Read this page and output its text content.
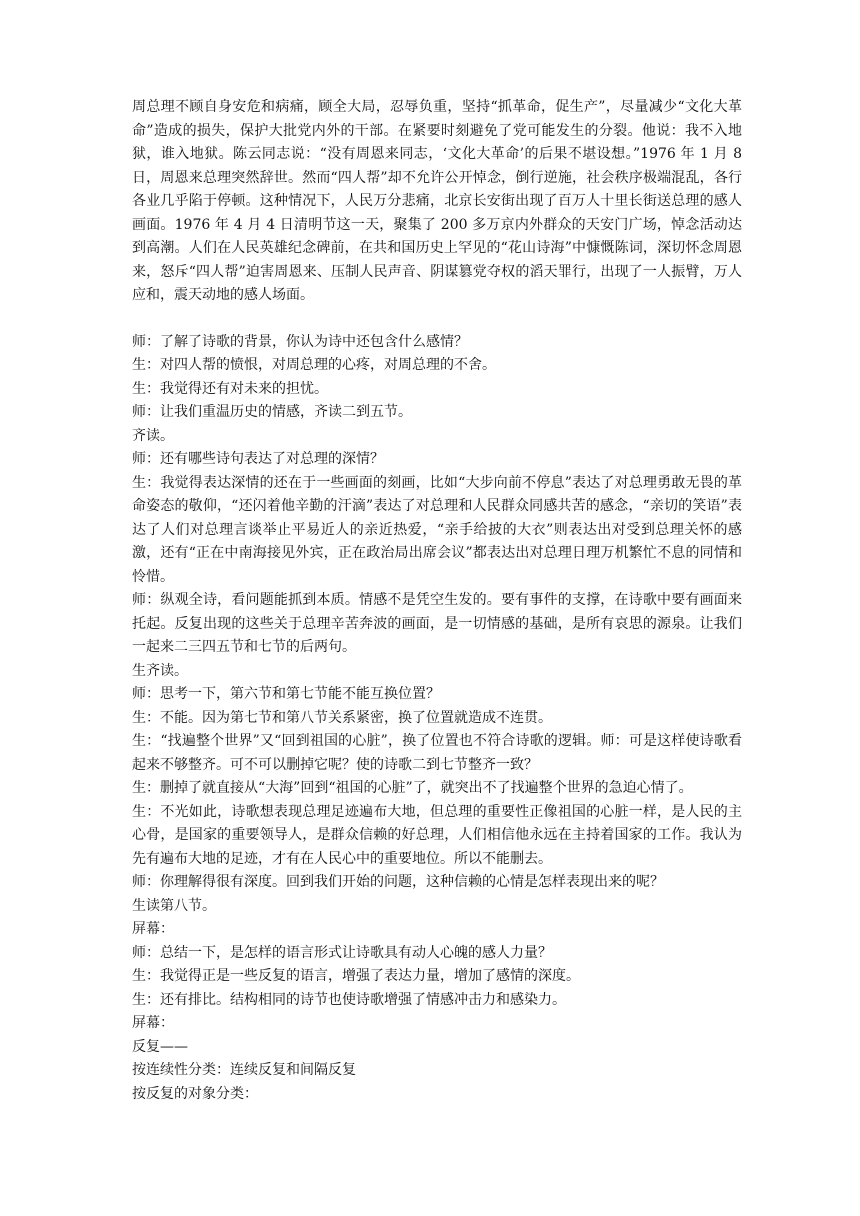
周总理不顾自身安危和病痛，顾全大局，忍辱负重，坚持“抓革命，促生产”，尽量减少“文化大革命”造成的损失，保护大批党内外的干部。在紧要时刻避免了党可能发生的分裂。他说：我不入地狱，谁入地狱。陈云同志说：“没有周恩来同志，‘文化大革命’的后果不堪设想。”1976 年 1 月 8 日，周恩来总理突然辞世。然而“四人帮”却不允许公开悼念，倒行逆施，社会秩序极端混乱，各行各业几乎陷于停顿。这种情况下，人民万分悲痛，北京长安街出现了百万人十里长街送总理的感人画面。1976 年 4 月 4 日清明节这一天，聚集了 200 多万京内外群众的天安门广场，悼念活动达到高潮。人们在人民英雄纪念碑前，在共和国历史上罕见的“花山诗海”中慷慨陈词，深切怀念周恩来，怒斥“四人帮”迫害周恩来、压制人民声音、阴谋篡党夺权的滔天罪行，出现了一人振臂，万人应和，震天动地的感人场面。

师：了解了诗歌的背景，你认为诗中还包含什么感情？

生：对四人帮的愤恨，对周总理的心疼，对周总理的不舍。

生：我觉得还有对未来的担忧。

师：让我们重温历史的情感，齐读二到五节。

齐读。

师：还有哪些诗句表达了对总理的深情？

生：我觉得表达深情的还在于一些画面的刻画，比如“大步向前不停息”表达了对总理勇敢无畏的革命姿态的敬仰，“还闪着他辛勤的汗滴”表达了对总理和人民群众同感共苦的感念，“亲切的笑语”表达了人们对总理言谈举止平易近人的亲近热爱，“亲手给披的大衣”则表达出对受到总理关怀的感激，还有“正在中南海接见外宾，正在政治局出席会议”都表达出对总理日理万机繁忙不息的同情和怜惜。

师：纵观全诗，看问题能抓到本质。情感不是凭空生发的。要有事件的支撑，在诗歌中要有画面来托起。反复出现的这些关于总理辛苦奔波的画面，是一切情感的基础，是所有哀思的源泉。让我们一起来二三四五节和七节的后两句。

生齐读。

师：思考一下，第六节和第七节能不能互换位置？

生：不能。因为第七节和第八节关系紧密，换了位置就造成不连贯。

生：“找遍整个世界”又“回到祖国的心脏”，换了位置也不符合诗歌的逻辑。师：可是这样使诗歌看起来不够整齐。可不可以删掉它呢？使的诗歌二到七节整齐一致？

生：删掉了就直接从“大海”回到“祖国的心脏”了，就突出不了找遍整个世界的急迫心情了。

生：不光如此，诗歌想表现总理足迹遍布大地，但总理的重要性正像祖国的心脏一样，是人民的主心骨，是国家的重要领导人，是群众信赖的好总理，人们相信他永远在主持着国家的工作。我认为先有遍布大地的足迹，才有在人民心中的重要地位。所以不能删去。

师：你理解得很有深度。回到我们开始的问题，这种信赖的心情是怎样表现出来的呢？

生读第八节。

屏幕：

师：总结一下，是怎样的语言形式让诗歌具有动人心魄的感人力量？

生：我觉得正是一些反复的语言，增强了表达力量，增加了感情的深度。

生：还有排比。结构相同的诗节也使诗歌增强了情感冲击力和感染力。

屏幕：

反复——

按连续性分类：连续反复和间隔反复

按反复的对象分类：
